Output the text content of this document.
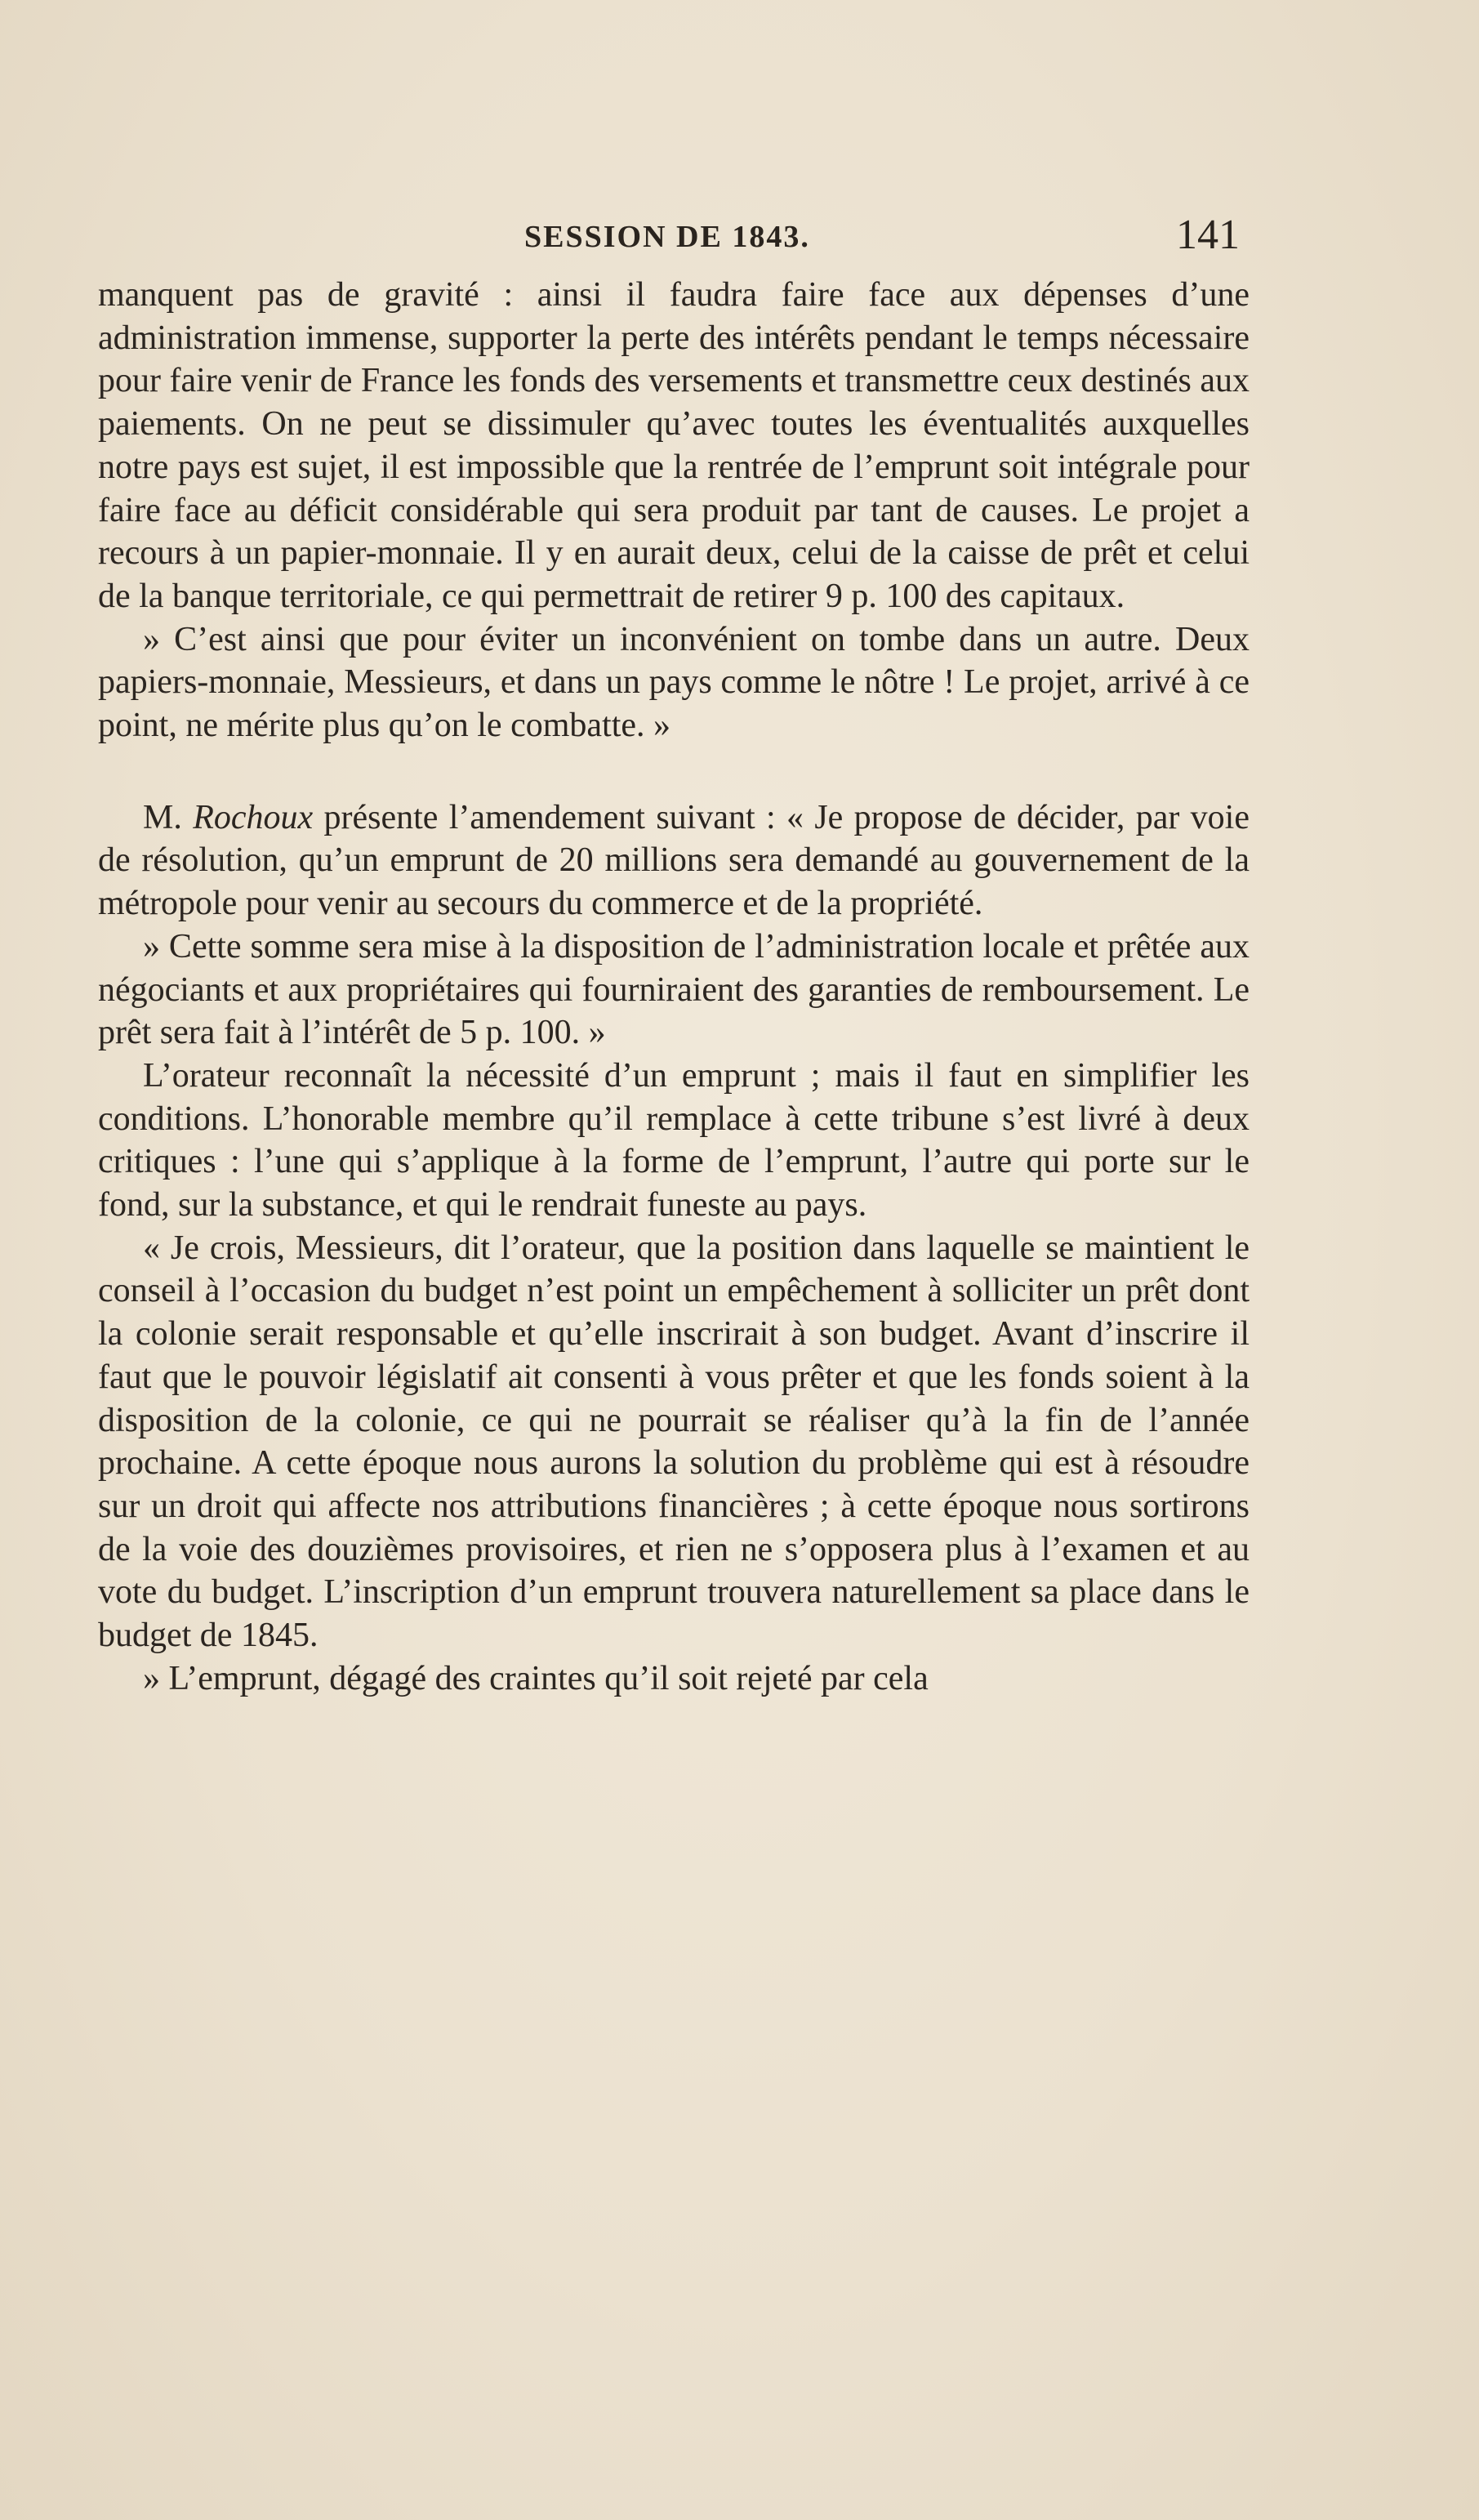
SESSION DE 1843.	141

manquent pas de gravité : ainsi il faudra faire face aux dépenses d’une administration immense, supporter la perte des intérêts pendant le temps nécessaire pour faire venir de France les fonds des versements et transmettre ceux destinés aux paiements. On ne peut se dissimuler qu’avec toutes les éventualités auxquelles notre pays est sujet, il est impossible que la rentrée de l’emprunt soit intégrale pour faire face au déficit considérable qui sera produit par tant de causes. Le projet a recours à un papier-monnaie. Il y en aurait deux, celui de la caisse de prêt et celui de la banque territoriale, ce qui permettrait de retirer 9 p. 100 des capitaux.

» C’est ainsi que pour éviter un inconvénient on tombe dans un autre. Deux papiers-monnaie, Messieurs, et dans un pays comme le nôtre ! Le projet, arrivé à ce point, ne mérite plus qu’on le combatte. »

M. Rochoux présente l’amendement suivant : « Je propose de décider, par voie de résolution, qu’un emprunt de 20 millions sera demandé au gouvernement de la métropole pour venir au secours du commerce et de la propriété.

» Cette somme sera mise à la disposition de l’administration locale et prêtée aux négociants et aux propriétaires qui fourniraient des garanties de remboursement. Le prêt sera fait à l’intérêt de 5 p. 100. »

L’orateur reconnaît la nécessité d’un emprunt ; mais il faut en simplifier les conditions. L’honorable membre qu’il remplace à cette tribune s’est livré à deux critiques : l’une qui s’applique à la forme de l’emprunt, l’autre qui porte sur le fond, sur la substance, et qui le rendrait funeste au pays.

« Je crois, Messieurs, dit l’orateur, que la position dans laquelle se maintient le conseil à l’occasion du budget n’est point un empêchement à solliciter un prêt dont la colonie serait responsable et qu’elle inscrirait à son budget. Avant d’inscrire il faut que le pouvoir législatif ait consenti à vous prêter et que les fonds soient à la disposition de la colonie, ce qui ne pourrait se réaliser qu’à la fin de l’année prochaine. A cette époque nous aurons la solution du problème qui est à résoudre sur un droit qui affecte nos attributions financières ; à cette époque nous sortirons de la voie des douzièmes provisoires, et rien ne s’opposera plus à l’examen et au vote du budget. L’inscription d’un emprunt trouvera naturellement sa place dans le budget de 1845.

» L’emprunt, dégagé des craintes qu’il soit rejeté par cela
